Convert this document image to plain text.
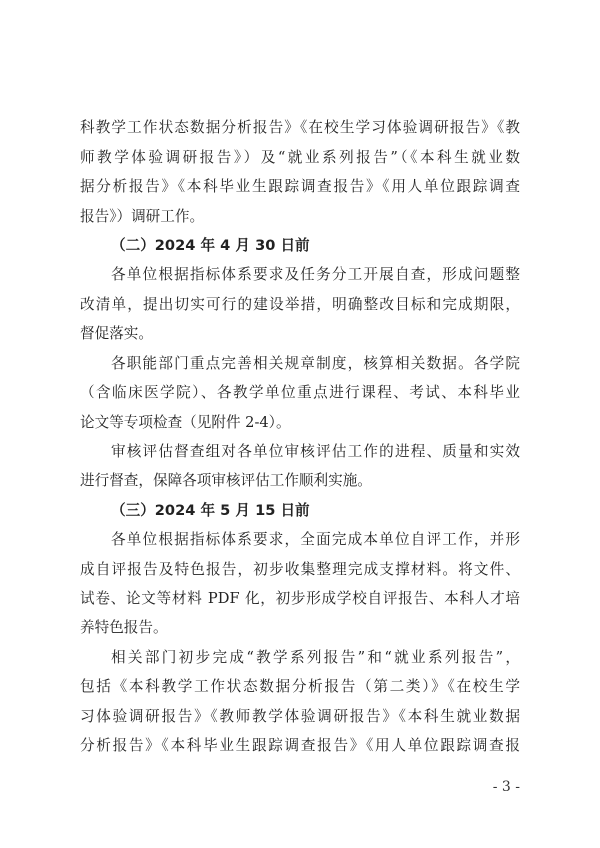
科教学工作状态数据分析报告》《在校生学习体验调研报告》《教
师教学体验调研报告》）及“就业系列报告”（《本科生就业数
据分析报告》《本科毕业生跟踪调查报告》《用人单位跟踪调查
报告》）调研工作。
（二）2024 年 4 月 30 日前
各单位根据指标体系要求及任务分工开展自查，形成问题整
改清单，提出切实可行的建设举措，明确整改目标和完成期限，
督促落实。
各职能部门重点完善相关规章制度，核算相关数据。各学院
（含临床医学院）、各教学单位重点进行课程、考试、本科毕业
论文等专项检查（见附件 2-4）。
审核评估督查组对各单位审核评估工作的进程、质量和实效
进行督查，保障各项审核评估工作顺利实施。
（三）2024 年 5 月 15 日前
各单位根据指标体系要求，全面完成本单位自评工作，并形
成自评报告及特色报告，初步收集整理完成支撑材料。将文件、
试卷、论文等材料 PDF 化，初步形成学校自评报告、本科人才培
养特色报告。
相关部门初步完成“教学系列报告”和“就业系列报告”，
包括《本科教学工作状态数据分析报告（第二类）》《在校生学
习体验调研报告》《教师教学体验调研报告》《本科生就业数据
分析报告》《本科毕业生跟踪调查报告》《用人单位跟踪调查报
- 3 -
